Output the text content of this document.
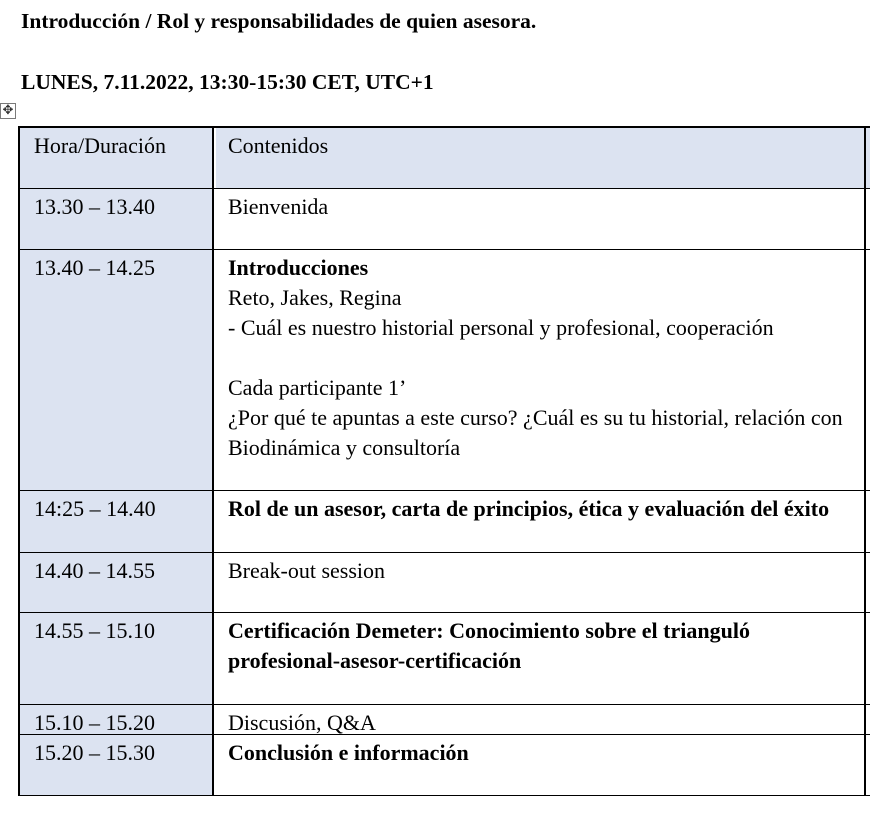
Introducción / Rol y responsabilidades de quien asesora.
LUNES, 7.11.2022, 13:30-15:30 CET, UTC+1
✥
Hora/Duración	Contenidos
13.30 – 13.40	Bienvenida
13.40 – 14.25	Introducciones
Reto, Jakes, Regina
- Cuál es nuestro historial personal y profesional, cooperación
Cada participante 1’
¿Por qué te apuntas a este curso? ¿Cuál es su tu historial, relación con Biodinámica y consultoría
14:25 – 14.40	Rol de un asesor, carta de principios, ética y evaluación del éxito
14.40 – 14.55	Break-out session
14.55 – 15.10	Certificación Demeter: Conocimiento sobre el trianguló profesional-asesor-certificación
15.10 – 15.20	Discusión, Q&A
15.20 – 15.30	Conclusión e información
